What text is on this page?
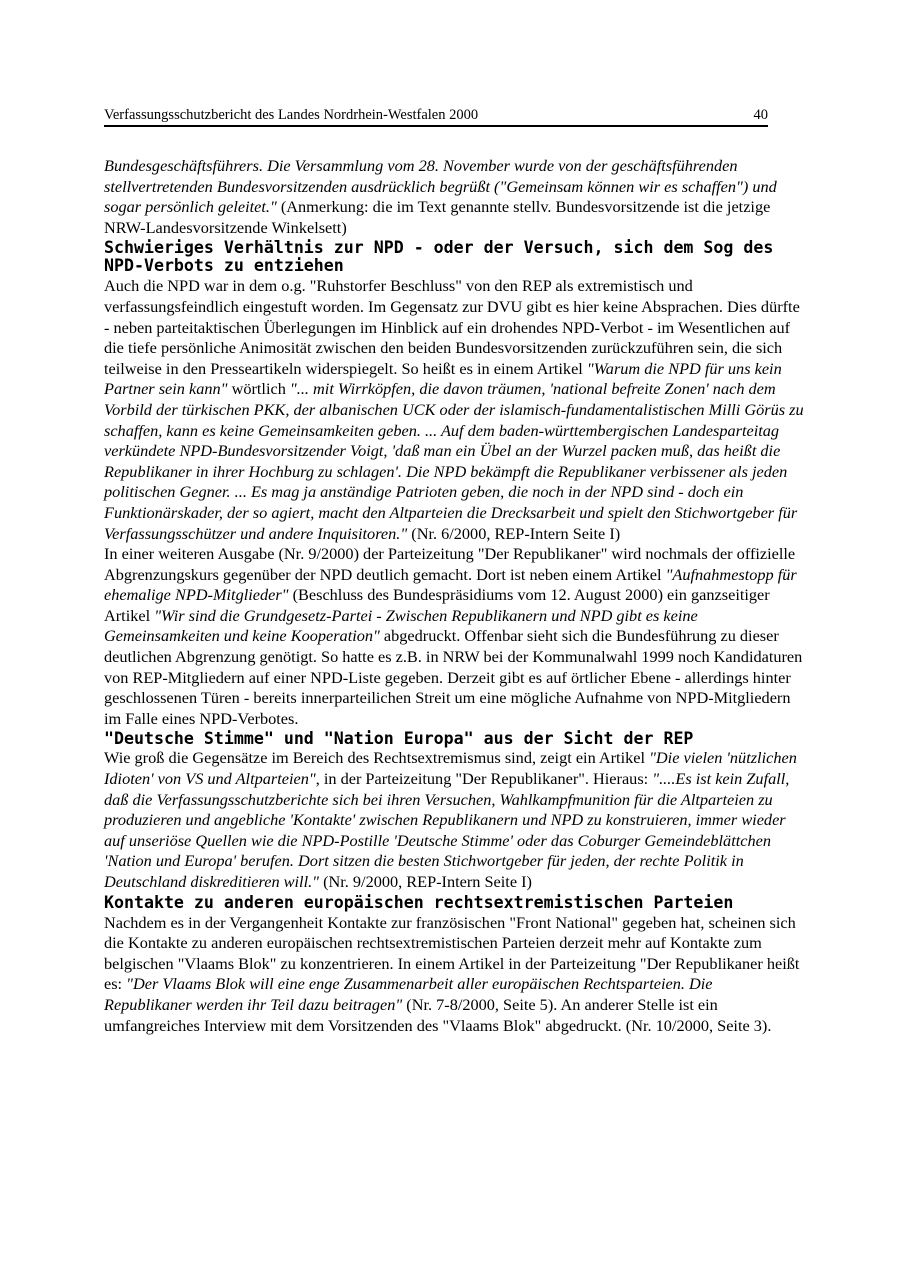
Verfassungsschutzbericht des Landes Nordrhein-Westfalen 2000	40

Bundesgeschäftsführers. Die Versammlung vom 28. November wurde von der geschäftsführenden stellvertretenden Bundesvorsitzenden ausdrücklich begrüßt ("Gemeinsam können wir es schaffen") und sogar persönlich geleitet." (Anmerkung: die im Text genannte stellv. Bundesvorsitzende ist die jetzige NRW-Landesvorsitzende Winkelsett)

Schwieriges Verhältnis zur NPD - oder der Versuch, sich dem Sog des NPD-Verbots zu entziehen

Auch die NPD war in dem o.g. "Ruhstorfer Beschluss" von den REP als extremistisch und verfassungsfeindlich eingestuft worden. Im Gegensatz zur DVU gibt es hier keine Absprachen. Dies dürfte - neben parteitaktischen Überlegungen im Hinblick auf ein drohendes NPD-Verbot - im Wesentlichen auf die tiefe persönliche Animosität zwischen den beiden Bundesvorsitzenden zurückzuführen sein, die sich teilweise in den Presseartikeln widerspiegelt. So heißt es in einem Artikel "Warum die NPD für uns kein Partner sein kann" wörtlich "... mit Wirrköpfen, die davon träumen, 'national befreite Zonen' nach dem Vorbild der türkischen PKK, der albanischen UCK oder der islamisch-fundamentalistischen Milli Görüs zu schaffen, kann es keine Gemeinsamkeiten geben. ... Auf dem baden-württembergischen Landesparteitag verkündete NPD-Bundesvorsitzender Voigt, 'daß man ein Übel an der Wurzel packen muß, das heißt die Republikaner in ihrer Hochburg zu schlagen'. Die NPD bekämpft die Republikaner verbissener als jeden politischen Gegner. ... Es mag ja anständige Patrioten geben, die noch in der NPD sind - doch ein Funktionärskader, der so agiert, macht den Altparteien die Drecksarbeit und spielt den Stichwortgeber für Verfassungsschützer und andere Inquisitoren." (Nr. 6/2000, REP-Intern Seite I)

In einer weiteren Ausgabe (Nr. 9/2000) der Parteizeitung "Der Republikaner" wird nochmals der offizielle Abgrenzungskurs gegenüber der NPD deutlich gemacht. Dort ist neben einem Artikel "Aufnahmestopp für ehemalige NPD-Mitglieder" (Beschluss des Bundespräsidiums vom 12. August 2000) ein ganzseitiger Artikel "Wir sind die Grundgesetz-Partei - Zwischen Republikanern und NPD gibt es keine Gemeinsamkeiten und keine Kooperation" abgedruckt. Offenbar sieht sich die Bundesführung zu dieser deutlichen Abgrenzung genötigt. So hatte es z.B. in NRW bei der Kommunalwahl 1999 noch Kandidaturen von REP-Mitgliedern auf einer NPD-Liste gegeben. Derzeit gibt es auf örtlicher Ebene - allerdings hinter geschlossenen Türen - bereits innerparteilichen Streit um eine mögliche Aufnahme von NPD-Mitgliedern im Falle eines NPD-Verbotes.

"Deutsche Stimme" und "Nation Europa" aus der Sicht der REP

Wie groß die Gegensätze im Bereich des Rechtsextremismus sind, zeigt ein Artikel "Die vielen 'nützlichen Idioten' von VS und Altparteien", in der Parteizeitung "Der Republikaner". Hieraus: "....Es ist kein Zufall, daß die Verfassungsschutzberichte sich bei ihren Versuchen, Wahlkampfmunition für die Altparteien zu produzieren und angebliche 'Kontakte' zwischen Republikanern und NPD zu konstruieren, immer wieder auf unseriöse Quellen wie die NPD-Postille 'Deutsche Stimme' oder das Coburger Gemeindeblättchen 'Nation und Europa' berufen. Dort sitzen die besten Stichwortgeber für jeden, der rechte Politik in Deutschland diskreditieren will." (Nr. 9/2000, REP-Intern Seite I)

Kontakte zu anderen europäischen rechtsextremistischen Parteien

Nachdem es in der Vergangenheit Kontakte zur französischen "Front National" gegeben hat, scheinen sich die Kontakte zu anderen europäischen rechtsextremistischen Parteien derzeit mehr auf Kontakte zum belgischen "Vlaams Blok" zu konzentrieren. In einem Artikel in der Parteizeitung "Der Republikaner heißt es: "Der Vlaams Blok will eine enge Zusammenarbeit aller europäischen Rechtsparteien. Die Republikaner werden ihr Teil dazu beitragen" (Nr. 7-8/2000, Seite 5). An anderer Stelle ist ein umfangreiches Interview mit dem Vorsitzenden des "Vlaams Blok" abgedruckt. (Nr. 10/2000, Seite 3).
